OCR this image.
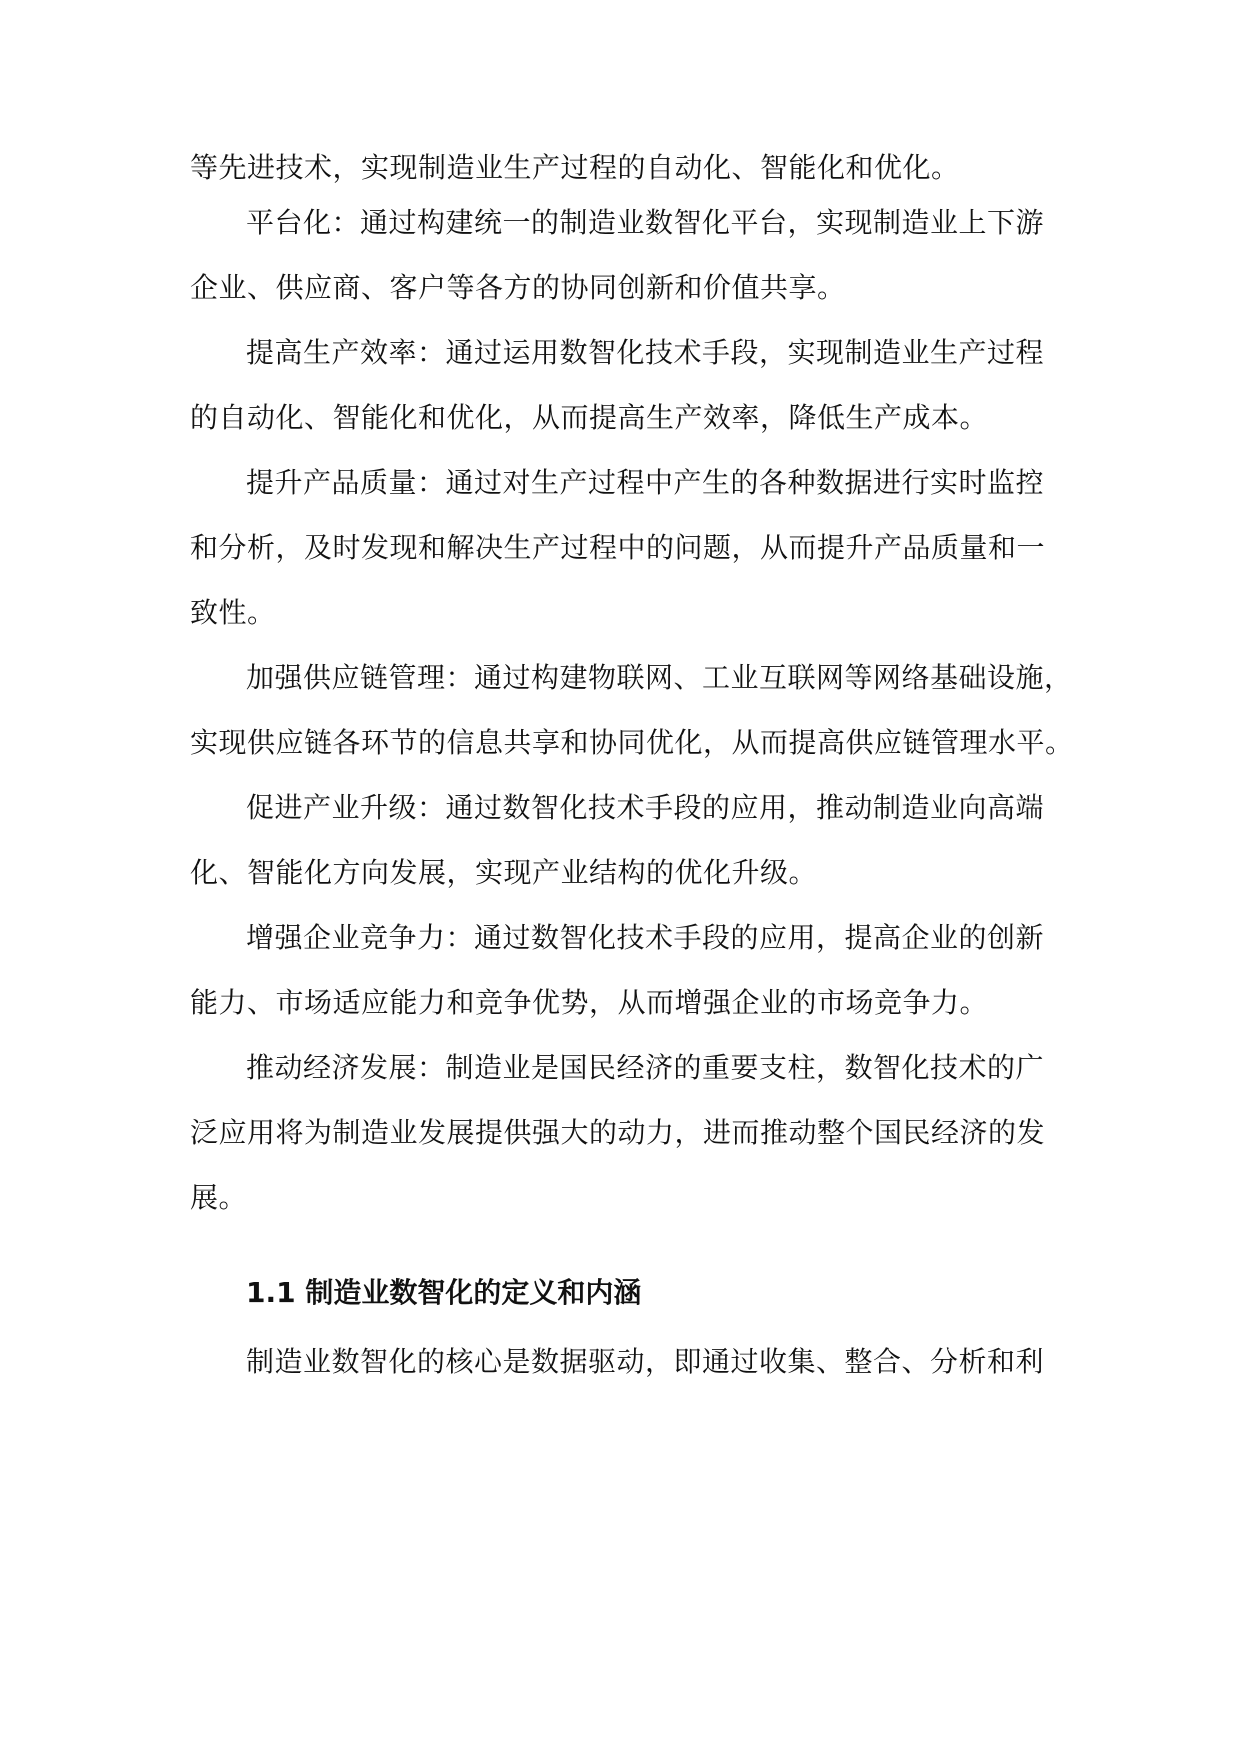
等先进技术，实现制造业生产过程的自动化、智能化和优化。
平台化：通过构建统一的制造业数智化平台，实现制造业上下游
企业、供应商、客户等各方的协同创新和价值共享。
提高生产效率：通过运用数智化技术手段，实现制造业生产过程
的自动化、智能化和优化，从而提高生产效率，降低生产成本。
提升产品质量：通过对生产过程中产生的各种数据进行实时监控
和分析，及时发现和解决生产过程中的问题，从而提升产品质量和一
致性。
加强供应链管理：通过构建物联网、工业互联网等网络基础设施，
实现供应链各环节的信息共享和协同优化，从而提高供应链管理水平。
促进产业升级：通过数智化技术手段的应用，推动制造业向高端
化、智能化方向发展，实现产业结构的优化升级。
增强企业竞争力：通过数智化技术手段的应用，提高企业的创新
能力、市场适应能力和竞争优势，从而增强企业的市场竞争力。
推动经济发展：制造业是国民经济的重要支柱，数智化技术的广
泛应用将为制造业发展提供强大的动力，进而推动整个国民经济的发
展。
1.1 制造业数智化的定义和内涵
制造业数智化的核心是数据驱动，即通过收集、整合、分析和利
